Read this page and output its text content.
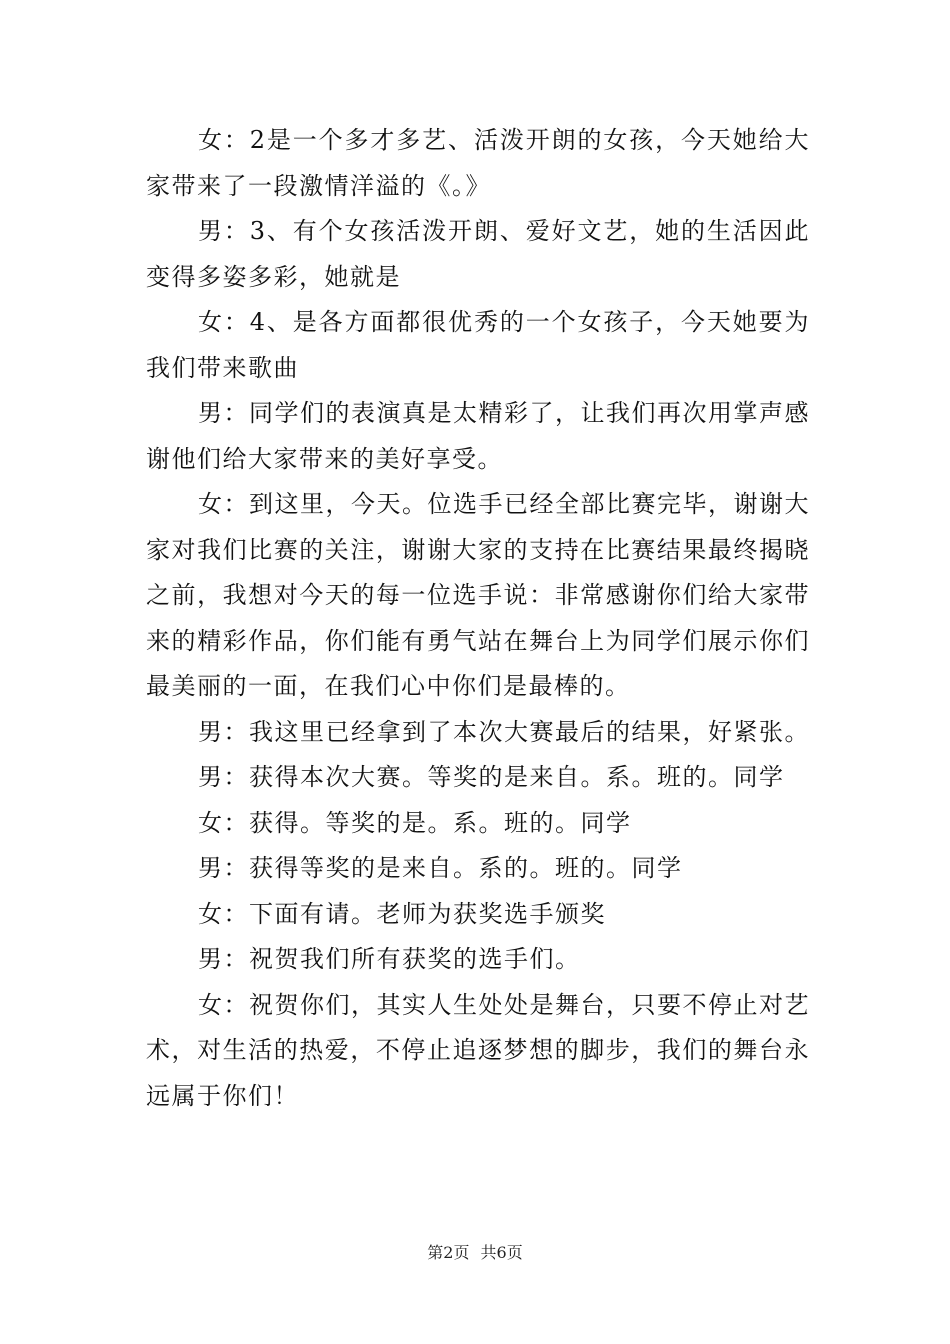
女：2是一个多才多艺、活泼开朗的女孩，今天她给大家带来了一段激情洋溢的《。》

男：3、有个女孩活泼开朗、爱好文艺，她的生活因此变得多姿多彩，她就是

女：4、是各方面都很优秀的一个女孩子，今天她要为我们带来歌曲

男：同学们的表演真是太精彩了，让我们再次用掌声感谢他们给大家带来的美好享受。

女：到这里，今天。位选手已经全部比赛完毕，谢谢大家对我们比赛的关注，谢谢大家的支持在比赛结果最终揭晓之前，我想对今天的每一位选手说：非常感谢你们给大家带来的精彩作品，你们能有勇气站在舞台上为同学们展示你们最美丽的一面，在我们心中你们是最棒的。

男：我这里已经拿到了本次大赛最后的结果，好紧张。

男：获得本次大赛。等奖的是来自。系。班的。同学

女：获得。等奖的是。系。班的。同学

男：获得等奖的是来自。系的。班的。同学

女：下面有请。老师为获奖选手颁奖

男：祝贺我们所有获奖的选手们。

女：祝贺你们，其实人生处处是舞台，只要不停止对艺术，对生活的热爱，不停止追逐梦想的脚步，我们的舞台永远属于你们！

第2页 共6页
